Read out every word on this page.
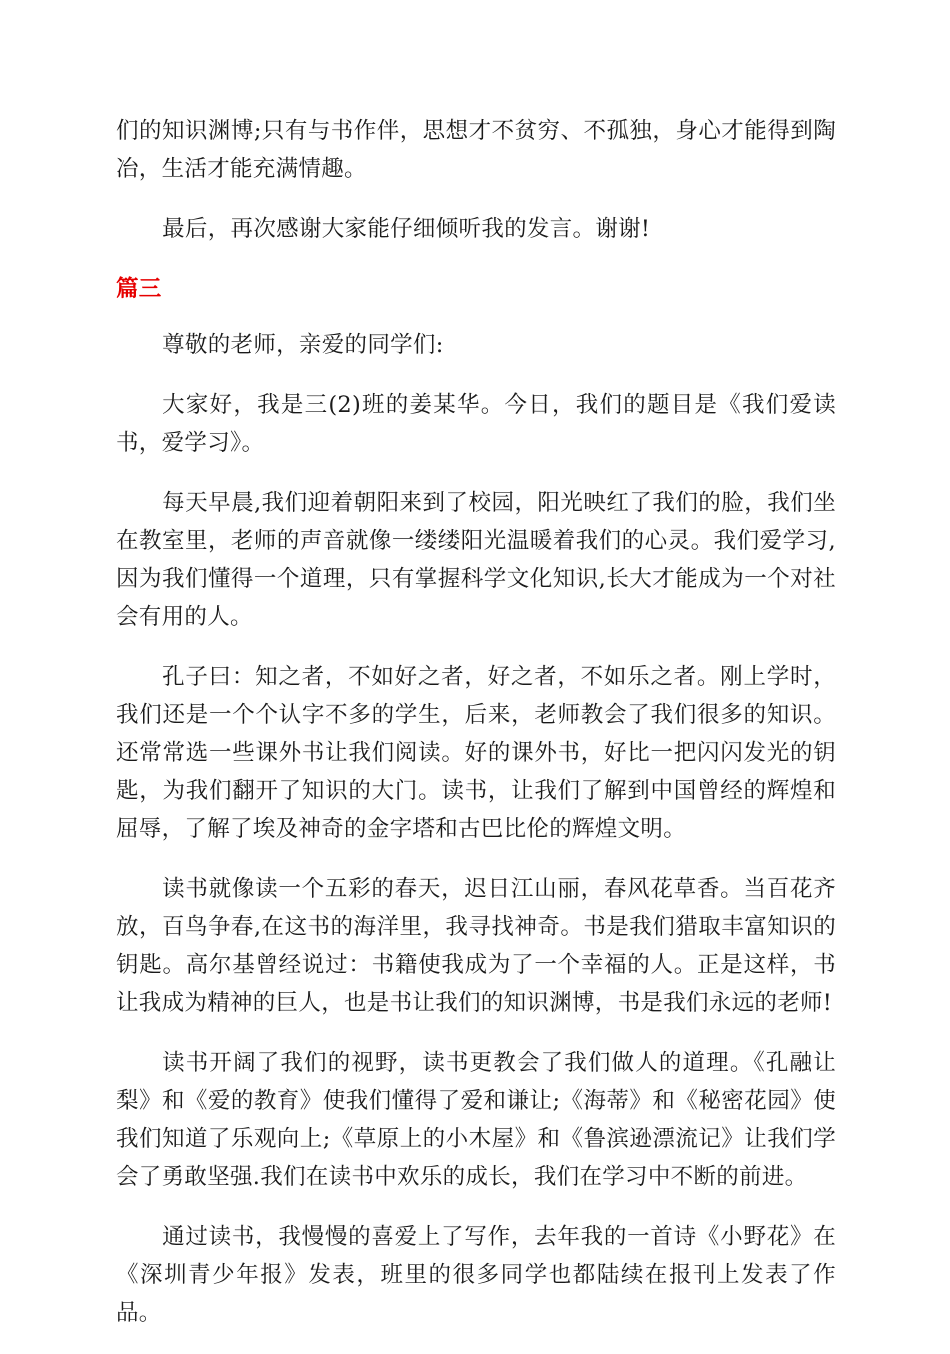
们的知识渊博;只有与书作伴，思想才不贫穷、不孤独，身心才能得到陶冶，生活才能充满情趣。

最后，再次感谢大家能仔细倾听我的发言。谢谢!

篇三

尊敬的老师，亲爱的同学们:

大家好，我是三(2)班的姜某华。今日，我们的题目是《我们爱读书，爱学习》。

每天早晨,我们迎着朝阳来到了校园，阳光映红了我们的脸，我们坐在教室里，老师的声音就像一缕缕阳光温暖着我们的心灵。我们爱学习,因为我们懂得一个道理，只有掌握科学文化知识,长大才能成为一个对社会有用的人。

孔子曰：知之者，不如好之者，好之者，不如乐之者。刚上学时，我们还是一个个认字不多的学生，后来，老师教会了我们很多的知识。还常常选一些课外书让我们阅读。好的课外书，好比一把闪闪发光的钥匙，为我们翻开了知识的大门。读书，让我们了解到中国曾经的辉煌和屈辱，了解了埃及神奇的金字塔和古巴比伦的辉煌文明。

读书就像读一个五彩的春天，迟日江山丽，春风花草香。当百花齐放，百鸟争春,在这书的海洋里，我寻找神奇。书是我们猎取丰富知识的钥匙。高尔基曾经说过：书籍使我成为了一个幸福的人。正是这样，书让我成为精神的巨人，也是书让我们的知识渊博，书是我们永远的老师!

读书开阔了我们的视野，读书更教会了我们做人的道理。《孔融让梨》和《爱的教育》使我们懂得了爱和谦让;《海蒂》和《秘密花园》使我们知道了乐观向上;《草原上的小木屋》和《鲁滨逊漂流记》让我们学会了勇敢坚强.我们在读书中欢乐的成长，我们在学习中不断的前进。

通过读书，我慢慢的喜爱上了写作，去年我的一首诗《小野花》在《深圳青少年报》发表，班里的很多同学也都陆续在报刊上发表了作品。
